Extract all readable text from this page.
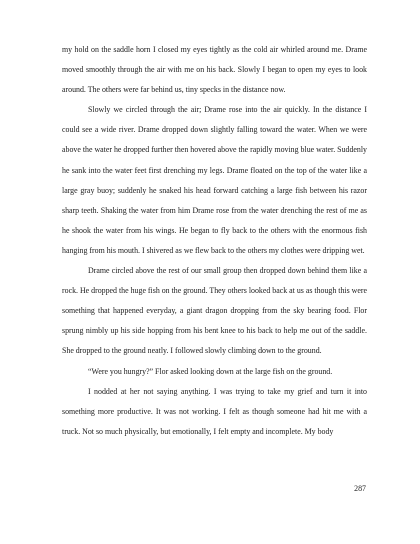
my hold on the saddle horn I closed my eyes tightly as the cold air whirled around me. Drame moved smoothly through the air with me on his back. Slowly I began to open my eyes to look around. The others were far behind us, tiny specks in the distance now.

Slowly we circled through the air; Drame rose into the air quickly. In the distance I could see a wide river. Drame dropped down slightly falling toward the water. When we were above the water he dropped further then hovered above the rapidly moving blue water. Suddenly he sank into the water feet first drenching my legs. Drame floated on the top of the water like a large gray buoy; suddenly he snaked his head forward catching a large fish between his razor sharp teeth. Shaking the water from him Drame rose from the water drenching the rest of me as he shook the water from his wings. He began to fly back to the others with the enormous fish hanging from his mouth. I shivered as we flew back to the others my clothes were dripping wet.

Drame circled above the rest of our small group then dropped down behind them like a rock. He dropped the huge fish on the ground. They others looked back at us as though this were something that happened everyday, a giant dragon dropping from the sky bearing food. Flor sprung nimbly up his side hopping from his bent knee to his back to help me out of the saddle. She dropped to the ground neatly. I followed slowly climbing down to the ground.

“Were you hungry?” Flor asked looking down at the large fish on the ground.

I nodded at her not saying anything. I was trying to take my grief and turn it into something more productive. It was not working. I felt as though someone had hit me with a truck. Not so much physically, but emotionally, I felt empty and incomplete. My body

287
